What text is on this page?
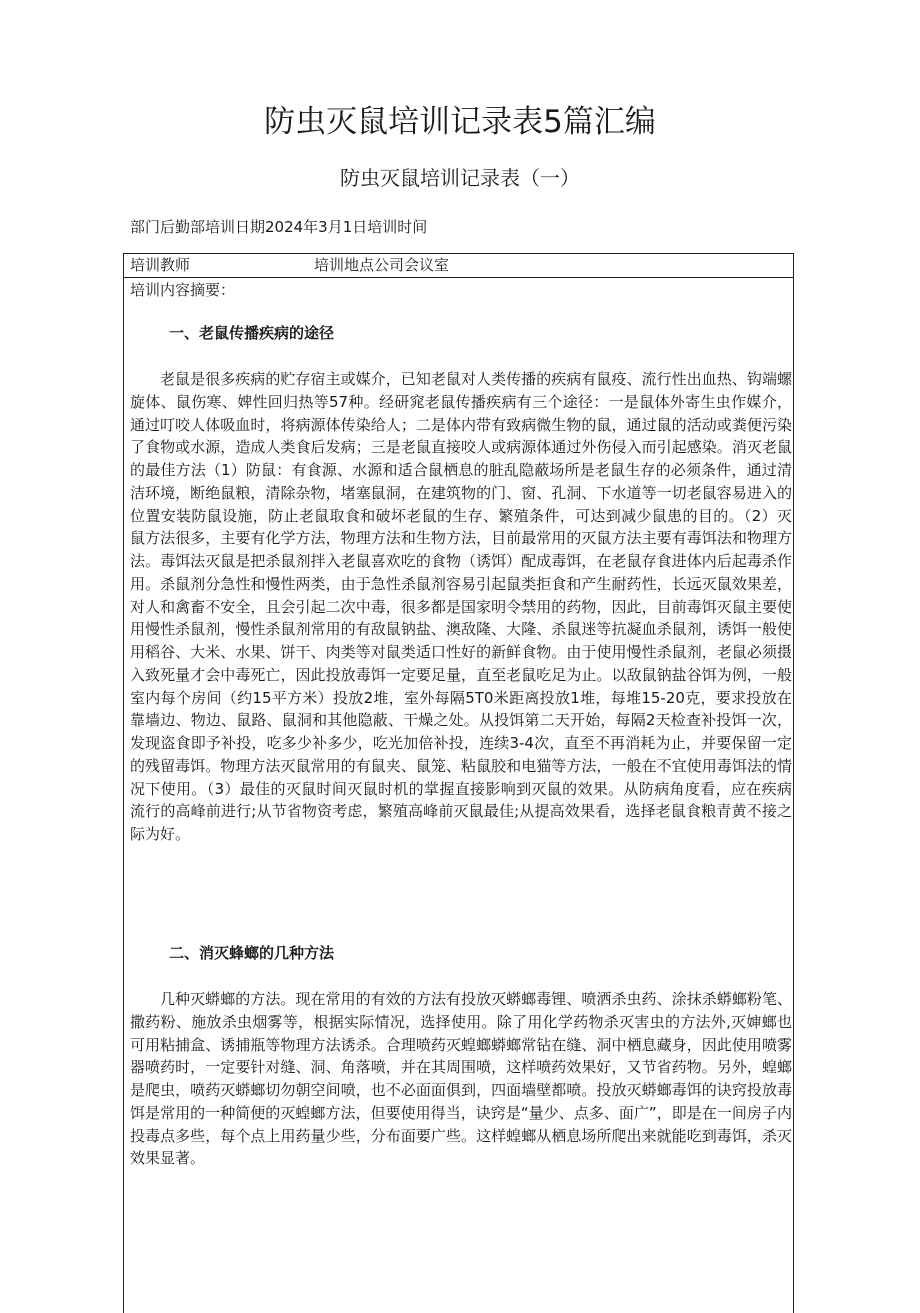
防虫灭鼠培训记录表5篇汇编
防虫灭鼠培训记录表（一）
部门后勤部培训日期2024年3月1日培训时间
培训教师	培训地点公司会议室
培训内容摘要：
一、老鼠传播疾病的途径

老鼠是很多疾病的贮存宿主或媒介，已知老鼠对人类传播的疾病有鼠疫、流行性出血热、钩端螺旋体、鼠伤寒、婢性回归热等57种。经研窕老鼠传播疾病有三个途径：一是鼠体外寄生虫作媒介，通过叮咬人体吸血时，将病源体传染给人；二是体内带有致病微生物的鼠，通过鼠的活动或粪便污染了食物或水源，造成人类食后发病；三是老鼠直接咬人或病源体通过外伤侵入而引起感染。消灭老鼠的最佳方法（1）防鼠：有食源、水源和适合鼠栖息的脏乱隐蔽场所是老鼠生存的必须条件，通过清洁环境，断绝鼠粮，清除杂物，堵塞鼠洞，在建筑物的门、窗、孔洞、下水道等一切老鼠容易进入的位置安装防鼠设施，防止老鼠取食和破坏老鼠的生存、繁殖条件，可达到减少鼠患的目的。（2）灭鼠方法很多，主要有化学方法，物理方法和生物方法，目前最常用的灭鼠方法主要有毒饵法和物理方法。毒饵法灭鼠是把杀鼠剂拌入老鼠喜欢吃的食物（诱饵）配成毒饵，在老鼠存食进体内后起毒杀作用。杀鼠剂分急性和慢性两类，由于急性杀鼠剂容易引起鼠类拒食和产生耐药性，长远灭鼠效果差，对人和禽畜不安全，且会引起二次中毒，很多都是国家明令禁用的药物，因此，目前毒饵灭鼠主要使用慢性杀鼠剂，慢性杀鼠剂常用的有敌鼠钠盐、澳敌隆、大隆、杀鼠迷等抗凝血杀鼠剂，诱饵一般使用稻谷、大米、水果、饼干、肉类等对鼠类适口性好的新鲜食物。由于使用慢性杀鼠剂，老鼠必须摄入致死量才会中毒死亡，因此投放毒饵一定要足量，直至老鼠吃足为止。以敌鼠钠盐谷饵为例，一般室内每个房间（约15平方米）投放2堆，室外每隔5T0米距离投放1堆，每堆15-20克，要求投放在靠墙边、物边、鼠路、鼠洞和其他隐蔽、干燥之处。从投饵第二天开始，每隔2天检查补投饵一次，发现盗食即予补投，吃多少补多少，吃光加倍补投，连续3-4次，直至不再消耗为止，并要保留一定的残留毒饵。物理方法灭鼠常用的有鼠夹、鼠笼、粘鼠胶和电猫等方法，一般在不宜使用毒饵法的情况下使用。（3）最佳的灭鼠时间灭鼠时机的掌握直接影响到灭鼠的效果。从防病角度看，应在疾病流行的高峰前进行;从节省物资考虑，繁殖高峰前灭鼠最佳;从提高效果看，选择老鼠食粮青黄不接之际为好。

二、消灭蜂螂的几种方法

几种灭蟒螂的方法。现在常用的有效的方法有投放灭蟒螂毒锂、喷洒杀虫药、涂抹杀蟒螂粉笔、撒药粉、施放杀虫烟雾等，根据实际情况，选择使用。除了用化学药物杀灭害虫的方法外,灭婶螂也可用粘捕盒、诱捕瓶等物理方法诱杀。合理喷药灭蝗螂蟒螂常钻在缝、洞中栖息藏身，因此使用喷雾器喷药时，一定要针对缝、洞、角落喷，并在其周围喷，这样喷药效果好，又节省药物。另外，蝗螂是爬虫，喷药灭蟒螂切勿朝空间喷，也不必面面俱到，四面墙壁都喷。投放灭蟒螂毒饵的诀窍投放毒饵是常用的一种简便的灭蝗螂方法，但要使用得当，诀窍是“量少、点多、面广”，即是在一间房子内投毒点多些，每个点上用药量少些，分布面要广些。这样蝗螂从栖息场所爬出来就能吃到毒饵，杀灭效果显著。
